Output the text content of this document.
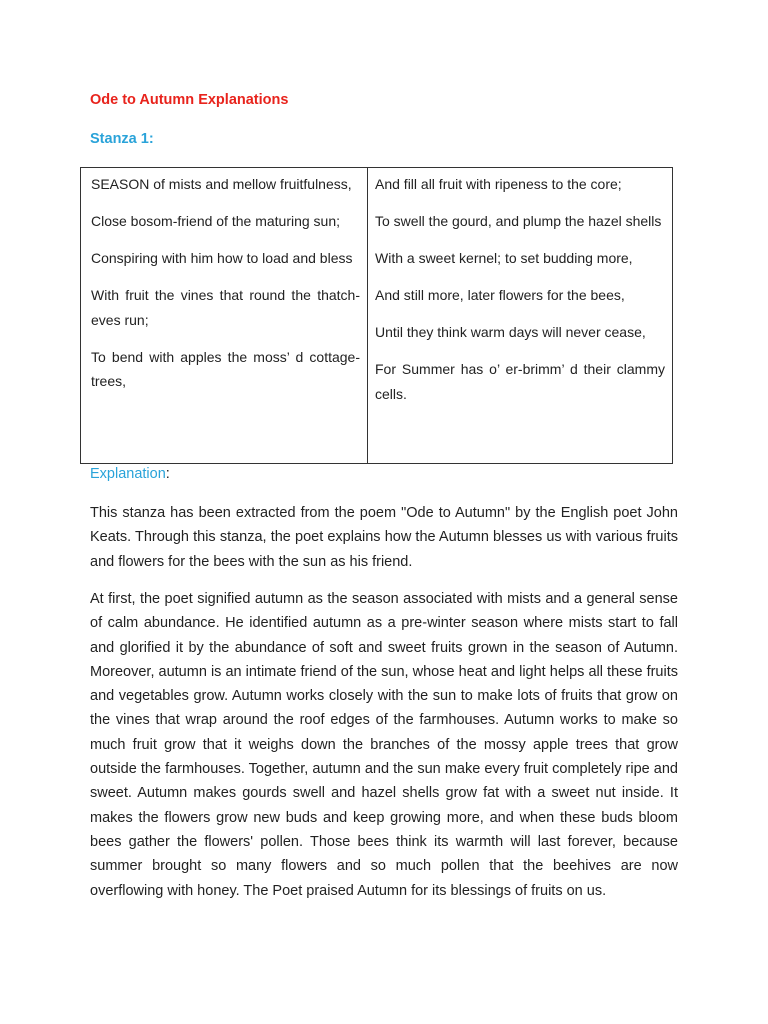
Ode to Autumn Explanations
Stanza 1:
SEASON of mists and mellow fruitfulness,
Close bosom-friend of the maturing sun;
Conspiring with him how to load and bless
With fruit the vines that round the thatch-eves run;
To bend with apples the moss’ d cottage-trees,
And fill all fruit with ripeness to the core;
To swell the gourd, and plump the hazel shells
With a sweet kernel; to set budding more,
And still more, later flowers for the bees,
Until they think warm days will never cease,
For Summer has o’ er-brimm’ d their clammy cells.
Explanation:
This stanza has been extracted from the poem "Ode to Autumn" by the English poet John Keats. Through this stanza, the poet explains how the Autumn blesses us with various fruits and flowers for the bees with the sun as his friend.
At first, the poet signified autumn as the season associated with mists and a general sense of calm abundance. He identified autumn as a pre-winter season where mists start to fall and glorified it by the abundance of soft and sweet fruits grown in the season of Autumn. Moreover, autumn is an intimate friend of the sun, whose heat and light helps all these fruits and vegetables grow. Autumn works closely with the sun to make lots of fruits that grow on the vines that wrap around the roof edges of the farmhouses. Autumn works to make so much fruit grow that it weighs down the branches of the mossy apple trees that grow outside the farmhouses. Together, autumn and the sun make every fruit completely ripe and sweet. Autumn makes gourds swell and hazel shells grow fat with a sweet nut inside. It makes the flowers grow new buds and keep growing more, and when these buds bloom bees gather the flowers' pollen. Those bees think its warmth will last forever, because summer brought so many flowers and so much pollen that the beehives are now overflowing with honey. The Poet praised Autumn for its blessings of fruits on us.
